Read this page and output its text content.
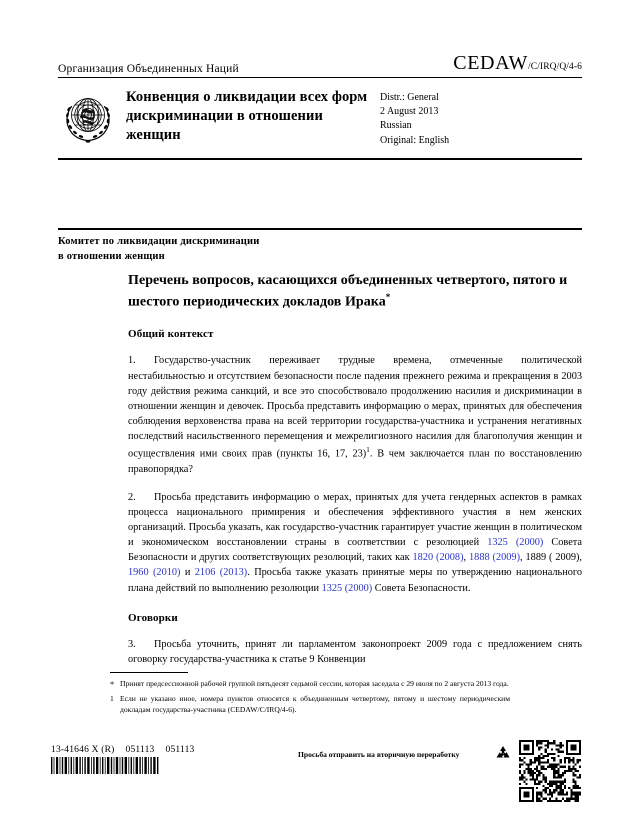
Организация Объединенных Наций	CEDAW /C/IRQ/Q/4-6
Конвенция о ликвидации всех форм дискриминации в отношении женщин
Distr.: General
2 August 2013
Russian
Original: English
Комитет по ликвидации дискриминации
в отношении женщин
Перечень вопросов, касающихся объединенных четвертого, пятого и шестого периодических докладов Ирака*
Общий контекст

1. Государство-участник переживает трудные времена, отмеченные политической нестабильностью и отсутствием безопасности после падения прежнего режима и прекращения в 2003 году действия режима санкций, и все это способствовало продолжению насилия и дискриминации в отношении женщин и девочек. Просьба представить информацию о мерах, принятых для обеспечения соблюдения верховенства права на всей территории государства-участника и устранения негативных последствий насильственного перемещения и межрелигиозного насилия для благополучия женщин и осуществления ими своих прав (пункты 16, 17, 23)$^1$. В чем заключается план по восстановлению правопорядка?

2. Просьба представить информацию о мерах, принятых для учета гендерных аспектов в рамках процесса национального примирения и обеспечения эффективного участия в нем женских организаций. Просьба указать, как государство-участник гарантирует участие женщин в политическом и экономическом восстановлении страны в соответствии с резолюцией 1325 (2000) Совета Безопасности и других соответствующих резолюций, таких как 1820 (2008), 1888 (2009), 1889 ( 2009), 1960 (2010) и 2106 (2013). Просьба также указать принятые меры по утверждению национального плана действий по выполнению резолюции 1325 (2000) Совета Безопасности.

Оговорки

3. Просьба уточнить, принят ли парламентом законопроект 2009 года с предложением снять оговорку государства-участника к статье 9 Конвенции

* Принят предсессионной рабочей группой пятьдесят седьмой сессии, которая заседала с 29 июля по 2 августа 2013 года.
1 Если не указано иное, номера пунктов относятся к объединенным четвертому, пятому и шестому периодическим докладам государства-участника (CEDAW/C/IRQ/4-6).
13-41646 X (R) 051113 051113	Просьба отправить на вторичную переработку
